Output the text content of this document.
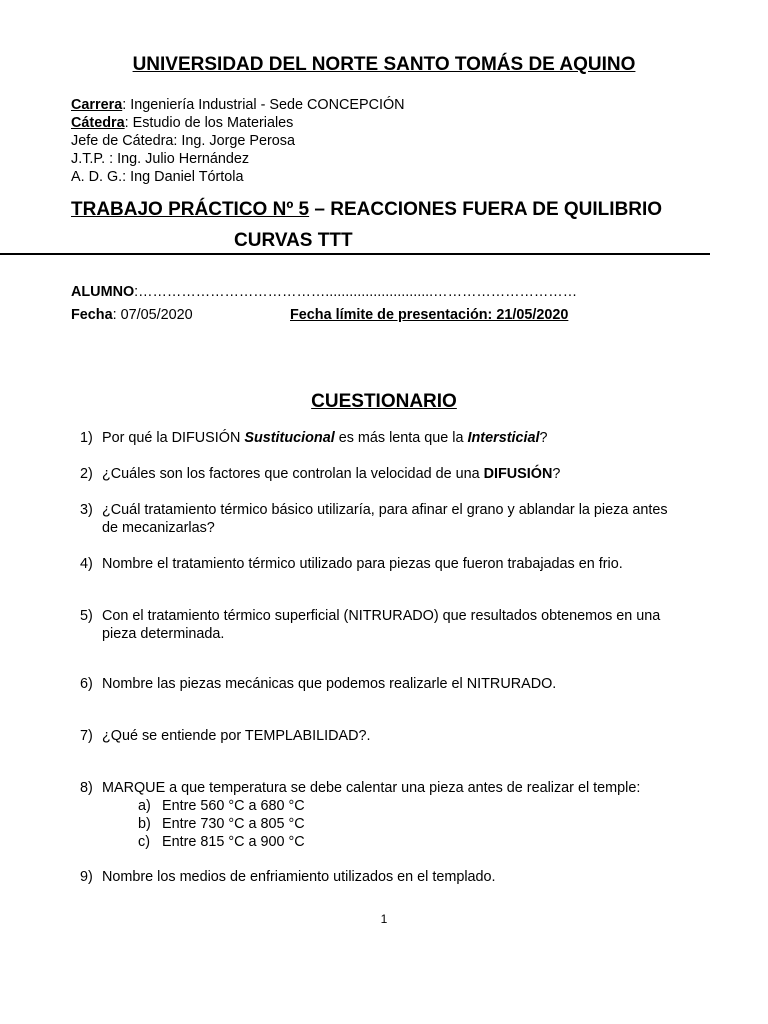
UNIVERSIDAD DEL NORTE SANTO TOMÁS DE AQUINO
Carrera: Ingeniería Industrial - Sede CONCEPCIÓN
Cátedra: Estudio de los Materiales
Jefe de Cátedra: Ing. Jorge Perosa
J.T.P. : Ing. Julio Hernández
A. D. G.: Ing Daniel Tórtola
TRABAJO PRÁCTICO Nº 5 – REACCIONES FUERA DE QUILIBRIO
CURVAS TTT
ALUMNO:…………………………………...........................…………………………
Fecha: 07/05/2020	Fecha límite de presentación: 21/05/2020
CUESTIONARIO
1) Por qué la DIFUSIÓN Sustitucional es más lenta que la Intersticial?
2) ¿Cuáles son los factores que controlan la velocidad de una DIFUSIÓN?
3) ¿Cuál tratamiento térmico básico utilizaría, para afinar el grano y ablandar la pieza antes
de mecanizarlas?
4) Nombre el tratamiento térmico utilizado para piezas que fueron trabajadas en frio.
5) Con el tratamiento térmico superficial (NITRURADO) que resultados obtenemos en una
pieza determinada.
6) Nombre las piezas mecánicas que podemos realizarle el NITRURADO.
7) ¿Qué se entiende por TEMPLABILIDAD?.
8) MARQUE a que temperatura se debe calentar una pieza antes de realizar el temple:
a) Entre 560 °C a 680 °C
b) Entre 730 °C a 805 °C
c) Entre 815 °C a 900 °C
9) Nombre los medios de enfriamiento utilizados en el templado.
1
